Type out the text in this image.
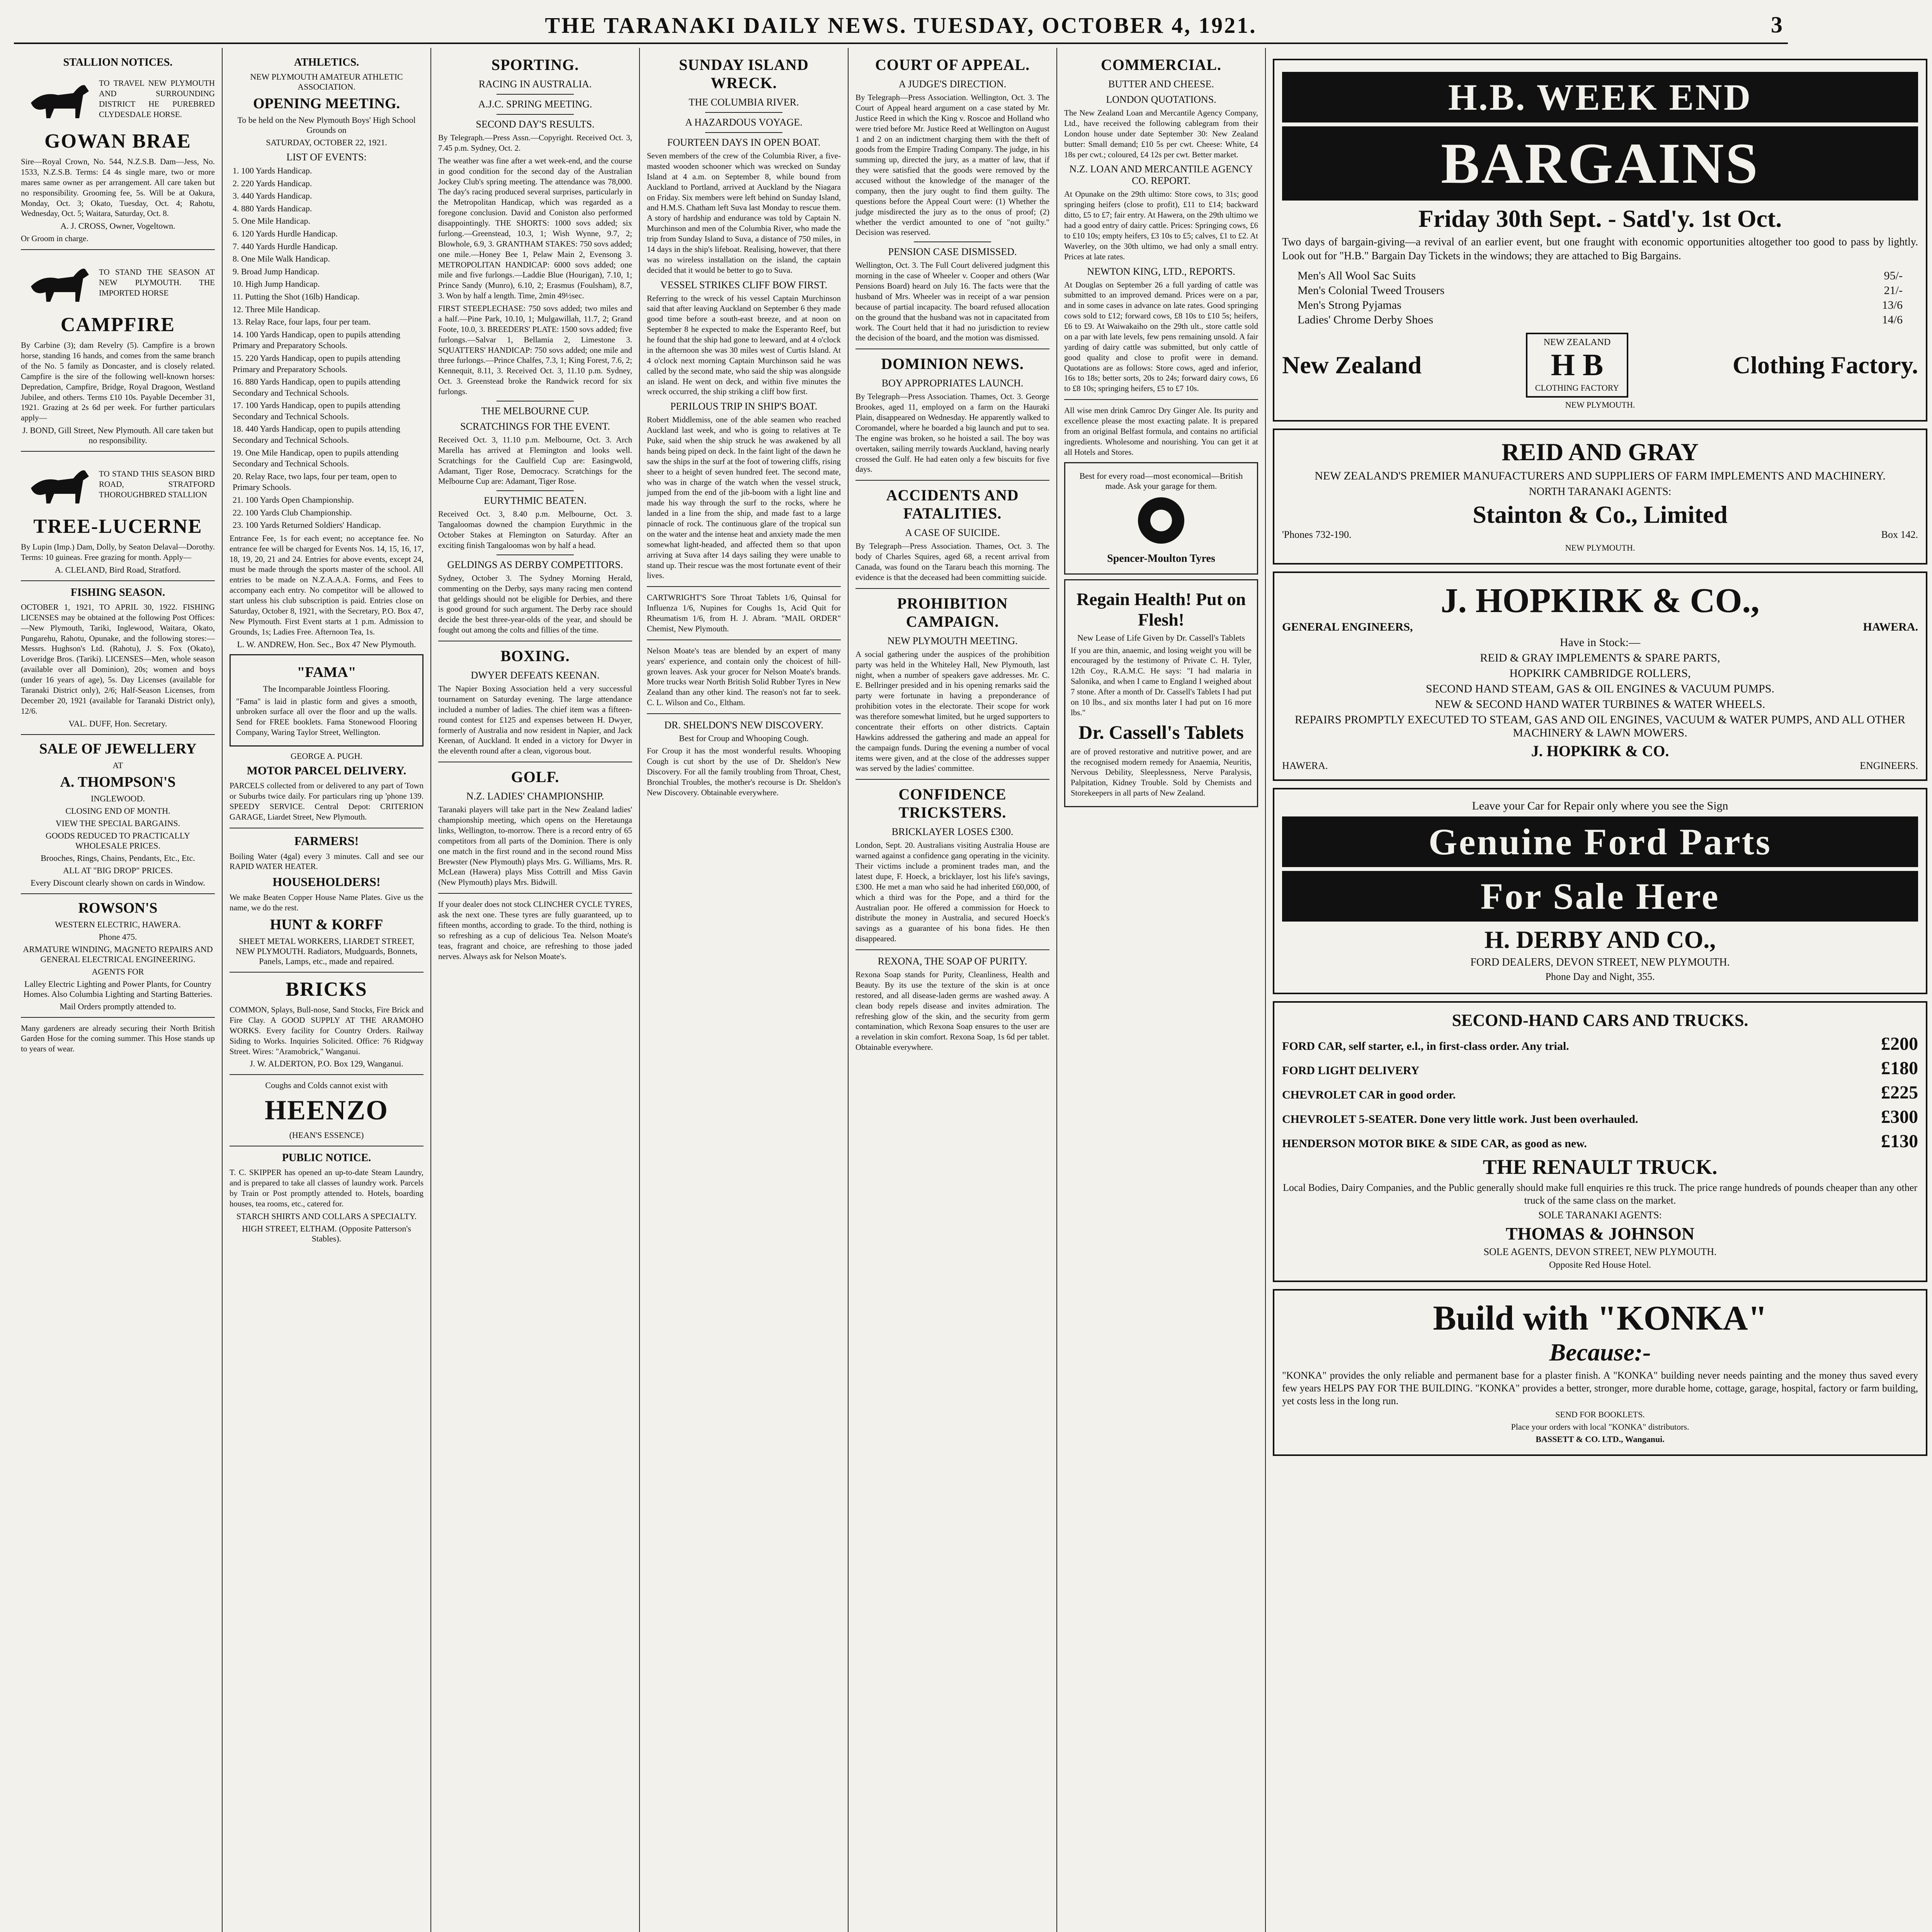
THE TARANAKI DAILY NEWS. TUESDAY, OCTOBER 4, 1921.	3
STALLION NOTICES.
TO TRAVEL NEW PLYMOUTH AND SURROUNDING DISTRICT HE PUREBRED CLYDESDALE HORSE.
GOWAN BRAE
Sire—Royal Crown, No. 544, N.Z.S.B. Dam—Jess, No. 1533, N.Z.S.B. Terms: £4 4s single mare, two or more mares same owner as per arrangement. All care taken but no responsibility. Grooming fee, 5s. Will be at Oakura, Monday, Oct. 3; Okato, Tuesday, Oct. 4; Rahotu, Wednesday, Oct. 5; Waitara, Saturday, Oct. 8.
A. J. CROSS, Owner, Vogeltown.
Or Groom in charge.
TO STAND THE SEASON AT NEW PLYMOUTH. THE IMPORTED HORSE
CAMPFIRE
By Carbine (3); dam Revelry (5). Campfire is a brown horse, standing 16 hands, and comes from the same branch of the No. 5 family as Doncaster, and is closely related. Campfire is the sire of the following well-known horses: Depredation, Campfire, Bridge, Royal Dragoon, Westland Jubilee, and others. Terms £10 10s. Payable December 31, 1921. Grazing at 2s 6d per week. For further particulars apply—
J. BOND, Gill Street, New Plymouth. All care taken but no responsibility.
TO STAND THIS SEASON BIRD ROAD, STRATFORD THOROUGHBRED STALLION
TREE-LUCERNE
By Lupin (Imp.) Dam, Dolly, by Seaton Delaval—Dorothy. Terms: 10 guineas. Free grazing for month. Apply—
A. CLELAND, Bird Road, Stratford.
FISHING SEASON.
OCTOBER 1, 1921, TO APRIL 30, 1922. FISHING LICENSES may be obtained at the following Post Offices:—New Plymouth, Tariki, Inglewood, Waitara, Okato, Pungarehu, Rahotu, Opunake, and the following stores:—Messrs. Hughson's Ltd. (Rahotu), J. S. Fox (Okato), Loveridge Bros. (Tariki). LICENSES—Men, whole season (available over all Dominion), 20s; women and boys (under 16 years of age), 5s. Day Licenses (available for Taranaki District only), 2/6; Half-Season Licenses, from December 20, 1921 (available for Taranaki District only), 12/6.
VAL. DUFF, Hon. Secretary.
SALE OF JEWELLERY
AT
A. THOMPSON'S
INGLEWOOD.
CLOSING END OF MONTH.
VIEW THE SPECIAL BARGAINS.
GOODS REDUCED TO PRACTICALLY WHOLESALE PRICES.
Brooches, Rings, Chains, Pendants, Etc., Etc.
ALL AT "BIG DROP" PRICES.
Every Discount clearly shown on cards in Window.
ROWSON'S
WESTERN ELECTRIC, HAWERA.
Phone 475.
ARMATURE WINDING, MAGNETO REPAIRS AND GENERAL ELECTRICAL ENGINEERING.
AGENTS FOR
Lalley Electric Lighting and Power Plants, for Country Homes. Also Columbia Lighting and Starting Batteries.
Mail Orders promptly attended to.
Many gardeners are already securing their North British Garden Hose for the coming summer. This Hose stands up to years of wear.
ATHLETICS.
NEW PLYMOUTH AMATEUR ATHLETIC ASSOCIATION.
OPENING MEETING.
To be held on the New Plymouth Boys' High School Grounds on
SATURDAY, OCTOBER 22, 1921.
LIST OF EVENTS:
1. 100 Yards Handicap.
2. 220 Yards Handicap.
3. 440 Yards Handicap.
4. 880 Yards Handicap.
5. One Mile Handicap.
6. 120 Yards Hurdle Handicap.
7. 440 Yards Hurdle Handicap.
8. One Mile Walk Handicap.
9. Broad Jump Handicap.
10. High Jump Handicap.
11. Putting the Shot (16lb) Handicap.
12. Three Mile Handicap.
13. Relay Race, four laps, four per team.
14. 100 Yards Handicap, open to pupils attending Primary and Preparatory Schools.
15. 220 Yards Handicap, open to pupils attending Primary and Preparatory Schools.
16. 880 Yards Handicap, open to pupils attending Secondary and Technical Schools.
17. 100 Yards Handicap, open to pupils attending Secondary and Technical Schools.
18. 440 Yards Handicap, open to pupils attending Secondary and Technical Schools.
19. One Mile Handicap, open to pupils attending Secondary and Technical Schools.
20. Relay Race, two laps, four per team, open to Primary Schools.
21. 100 Yards Open Championship.
22. 100 Yards Club Championship.
23. 100 Yards Returned Soldiers' Handicap.
Entrance Fee, 1s for each event; no acceptance fee. No entrance fee will be charged for Events Nos. 14, 15, 16, 17, 18, 19, 20, 21 and 24. Entries for above events, except 24, must be made through the sports master of the school. All entries to be made on N.Z.A.A.A. Forms, and Fees to accompany each entry. No competitor will be allowed to start unless his club subscription is paid. Entries close on Saturday, October 8, 1921, with the Secretary, P.O. Box 47, New Plymouth. First Event starts at 1 p.m. Admission to Grounds, 1s; Ladies Free. Afternoon Tea, 1s.
L. W. ANDREW, Hon. Sec., Box 47 New Plymouth.
"FAMA"
The Incomparable Jointless Flooring.
"Fama" is laid in plastic form and gives a smooth, unbroken surface all over the floor and up the walls. Send for FREE booklets. Fama Stonewood Flooring Company, Waring Taylor Street, Wellington.
GEORGE A. PUGH.
MOTOR PARCEL DELIVERY.
PARCELS collected from or delivered to any part of Town or Suburbs twice daily. For particulars ring up 'phone 139. SPEEDY SERVICE. Central Depot: CRITERION GARAGE, Liardet Street, New Plymouth.
FARMERS!
Boiling Water (4gal) every 3 minutes. Call and see our RAPID WATER HEATER.
HOUSEHOLDERS!
We make Beaten Copper House Name Plates. Give us the name, we do the rest.
HUNT & KORFF
SHEET METAL WORKERS, LIARDET STREET, NEW PLYMOUTH. Radiators, Mudguards, Bonnets, Panels, Lamps, etc., made and repaired.
BRICKS
COMMON, Splays, Bull-nose, Sand Stocks, Fire Brick and Fire Clay. A GOOD SUPPLY AT THE ARAMOHO WORKS. Every facility for Country Orders. Railway Siding to Works. Inquiries Solicited. Office: 76 Ridgway Street. Wires: "Aramobrick," Wanganui.
J. W. ALDERTON, P.O. Box 129, Wanganui.
Coughs and Colds cannot exist with
HEENZO
(HEAN'S ESSENCE)
PUBLIC NOTICE.
T. C. SKIPPER has opened an up-to-date Steam Laundry, and is prepared to take all classes of laundry work. Parcels by Train or Post promptly attended to. Hotels, boarding houses, tea rooms, etc., catered for.
STARCH SHIRTS AND COLLARS A SPECIALTY.
HIGH STREET, ELTHAM. (Opposite Patterson's Stables).
SPORTING.
RACING IN AUSTRALIA.
A.J.C. SPRING MEETING.
SECOND DAY'S RESULTS.
By Telegraph.—Press Assn.—Copyright. Received Oct. 3, 7.45 p.m. Sydney, Oct. 2.
The weather was fine after a wet week-end, and the course in good condition for the second day of the Australian Jockey Club's spring meeting. The attendance was 78,000. The day's racing produced several surprises, particularly in the Metropolitan Handicap, which was regarded as a foregone conclusion. David and Coniston also performed disappointingly. THE SHORTS: 1000 sovs added; six furlong.—Greenstead, 10.3, 1; Wish Wynne, 9.7, 2; Blowhole, 6.9, 3. GRANTHAM STAKES: 750 sovs added; one mile.—Honey Bee 1, Pelaw Main 2, Evensong 3. METROPOLITAN HANDICAP: 6000 sovs added; one mile and five furlongs.—Laddie Blue (Hourigan), 7.10, 1; Prince Sandy (Munro), 6.10, 2; Erasmus (Foulsham), 8.7, 3. Won by half a length. Time, 2min 49½sec.
FIRST STEEPLECHASE: 750 sovs added; two miles and a half.—Pine Park, 10.10, 1; Mulgawillah, 11.7, 2; Grand Foote, 10.0, 3. BREEDERS' PLATE: 1500 sovs added; five furlongs.—Salvar 1, Bellamia 2, Limestone 3. SQUATTERS' HANDICAP: 750 sovs added; one mile and three furlongs.—Prince Chalfes, 7.3, 1; King Forest, 7.6, 2; Kennequit, 8.11, 3. Received Oct. 3, 11.10 p.m. Sydney, Oct. 3. Greenstead broke the Randwick record for six furlongs.
THE MELBOURNE CUP.
SCRATCHINGS FOR THE EVENT.
Received Oct. 3, 11.10 p.m. Melbourne, Oct. 3. Arch Marella has arrived at Flemington and looks well. Scratchings for the Caulfield Cup are: Easingwold, Adamant, Tiger Rose, Democracy. Scratchings for the Melbourne Cup are: Adamant, Tiger Rose.
EURYTHMIC BEATEN.
Received Oct. 3, 8.40 p.m. Melbourne, Oct. 3. Tangaloomas downed the champion Eurythmic in the October Stakes at Flemington on Saturday. After an exciting finish Tangaloomas won by half a head.
GELDINGS AS DERBY COMPETITORS.
Sydney, October 3. The Sydney Morning Herald, commenting on the Derby, says many racing men contend that geldings should not be eligible for Derbies, and there is good ground for such argument. The Derby race should decide the best three-year-olds of the year, and should be fought out among the colts and fillies of the time.
BOXING.
DWYER DEFEATS KEENAN.
The Napier Boxing Association held a very successful tournament on Saturday evening. The large attendance included a number of ladies. The chief item was a fifteen-round contest for £125 and expenses between H. Dwyer, formerly of Australia and now resident in Napier, and Jack Keenan, of Auckland. It ended in a victory for Dwyer in the eleventh round after a clean, vigorous bout.
GOLF.
N.Z. LADIES' CHAMPIONSHIP.
Taranaki players will take part in the New Zealand ladies' championship meeting, which opens on the Heretaunga links, Wellington, to-morrow. There is a record entry of 65 competitors from all parts of the Dominion. There is only one match in the first round and in the second round Miss Brewster (New Plymouth) plays Mrs. G. Williams, Mrs. R. McLean (Hawera) plays Miss Cottrill and Miss Gavin (New Plymouth) plays Mrs. Bidwill.
If your dealer does not stock CLINCHER CYCLE TYRES, ask the next one. These tyres are fully guaranteed, up to fifteen months, according to grade. To the third, nothing is so refreshing as a cup of delicious Tea. Nelson Moate's teas, fragrant and choice, are refreshing to those jaded nerves. Always ask for Nelson Moate's.
SUNDAY ISLAND WRECK.
THE COLUMBIA RIVER.
A HAZARDOUS VOYAGE.
FOURTEEN DAYS IN OPEN BOAT.
Seven members of the crew of the Columbia River, a five-masted wooden schooner which was wrecked on Sunday Island at 4 a.m. on September 8, while bound from Auckland to Portland, arrived at Auckland by the Niagara on Friday. Six members were left behind on Sunday Island, and H.M.S. Chatham left Suva last Monday to rescue them. A story of hardship and endurance was told by Captain N. Murchinson and men of the Columbia River, who made the trip from Sunday Island to Suva, a distance of 750 miles, in 14 days in the ship's lifeboat. Realising, however, that there was no wireless installation on the island, the captain decided that it would be better to go to Suva.
VESSEL STRIKES CLIFF BOW FIRST.
Referring to the wreck of his vessel Captain Murchinson said that after leaving Auckland on September 6 they made good time before a south-east breeze, and at noon on September 8 he expected to make the Esperanto Reef, but he found that the ship had gone to leeward, and at 4 o'clock in the afternoon she was 30 miles west of Curtis Island. At 4 o'clock next morning Captain Murchinson said he was called by the second mate, who said the ship was alongside an island. He went on deck, and within five minutes the wreck occurred, the ship striking a cliff bow first.
PERILOUS TRIP IN SHIP'S BOAT.
Robert Middlemiss, one of the able seamen who reached Auckland last week, and who is going to relatives at Te Puke, said when the ship struck he was awakened by all hands being piped on deck. In the faint light of the dawn he saw the ships in the surf at the foot of towering cliffs, rising sheer to a height of seven hundred feet. The second mate, who was in charge of the watch when the vessel struck, jumped from the end of the jib-boom with a light line and made his way through the surf to the rocks, where he landed in a line from the ship, and made fast to a large pinnacle of rock. The continuous glare of the tropical sun on the water and the intense heat and anxiety made the men somewhat light-headed, and affected them so that upon arriving at Suva after 14 days sailing they were unable to stand up. Their rescue was the most fortunate event of their lives.
CARTWRIGHT'S Sore Throat Tablets 1/6, Quinsal for Influenza 1/6, Nupines for Coughs 1s, Acid Quit for Rheumatism 1/6, from H. J. Abram. "MAIL ORDER" Chemist, New Plymouth.
Nelson Moate's teas are blended by an expert of many years' experience, and contain only the choicest of hill-grown leaves. Ask your grocer for Nelson Moate's brands. More trucks wear North British Solid Rubber Tyres in New Zealand than any other kind. The reason's not far to seek. C. L. Wilson and Co., Eltham.
DR. SHELDON'S NEW DISCOVERY.
Best for Croup and Whooping Cough.
For Croup it has the most wonderful results. Whooping Cough is cut short by the use of Dr. Sheldon's New Discovery. For all the family troubling from Throat, Chest, Bronchial Troubles, the mother's recourse is Dr. Sheldon's New Discovery. Obtainable everywhere.
COURT OF APPEAL.
A JUDGE'S DIRECTION.
By Telegraph—Press Association. Wellington, Oct. 3. The Court of Appeal heard argument on a case stated by Mr. Justice Reed in which the King v. Roscoe and Holland who were tried before Mr. Justice Reed at Wellington on August 1 and 2 on an indictment charging them with the theft of goods from the Empire Trading Company. The judge, in his summing up, directed the jury, as a matter of law, that if they were satisfied that the goods were removed by the accused without the knowledge of the manager of the company, then the jury ought to find them guilty. The questions before the Appeal Court were: (1) Whether the judge misdirected the jury as to the onus of proof; (2) whether the verdict amounted to one of "not guilty." Decision was reserved.
PENSION CASE DISMISSED.
Wellington, Oct. 3. The Full Court delivered judgment this morning in the case of Wheeler v. Cooper and others (War Pensions Board) heard on July 16. The facts were that the husband of Mrs. Wheeler was in receipt of a war pension because of partial incapacity. The board refused allocation on the ground that the husband was not in capacitated from work. The Court held that it had no jurisdiction to review the decision of the board, and the motion was dismissed.
DOMINION NEWS.
BOY APPROPRIATES LAUNCH.
By Telegraph—Press Association. Thames, Oct. 3. George Brookes, aged 11, employed on a farm on the Hauraki Plain, disappeared on Wednesday. He apparently walked to Coromandel, where he boarded a big launch and put to sea. The engine was broken, so he hoisted a sail. The boy was overtaken, sailing merrily towards Auckland, having nearly crossed the Gulf. He had eaten only a few biscuits for five days.
ACCIDENTS AND FATALITIES.
A CASE OF SUICIDE.
By Telegraph—Press Association. Thames, Oct. 3. The body of Charles Squires, aged 68, a recent arrival from Canada, was found on the Tararu beach this morning. The evidence is that the deceased had been committing suicide.
PROHIBITION CAMPAIGN.
NEW PLYMOUTH MEETING.
A social gathering under the auspices of the prohibition party was held in the Whiteley Hall, New Plymouth, last night, when a number of speakers gave addresses. Mr. C. E. Bellringer presided and in his opening remarks said the party were fortunate in having a preponderance of prohibition votes in the electorate. Their scope for work was therefore somewhat limited, but he urged supporters to concentrate their efforts on other districts. Captain Hawkins addressed the gathering and made an appeal for the campaign funds. During the evening a number of vocal items were given, and at the close of the addresses supper was served by the ladies' committee.
CONFIDENCE TRICKSTERS.
BRICKLAYER LOSES £300.
London, Sept. 20. Australians visiting Australia House are warned against a confidence gang operating in the vicinity. Their victims include a prominent trades man, and the latest dupe, F. Hoeck, a bricklayer, lost his life's savings, £300. He met a man who said he had inherited £60,000, of which a third was for the Pope, and a third for the Australian poor. He offered a commission for Hoeck to distribute the money in Australia, and secured Hoeck's savings as a guarantee of his bona fides. He then disappeared.
REXONA, THE SOAP OF PURITY.
Rexona Soap stands for Purity, Cleanliness, Health and Beauty. By its use the texture of the skin is at once restored, and all disease-laden germs are washed away. A clean body repels disease and invites admiration. The refreshing glow of the skin, and the security from germ contamination, which Rexona Soap ensures to the user are a revelation in skin comfort. Rexona Soap, 1s 6d per tablet. Obtainable everywhere.
COMMERCIAL.
BUTTER AND CHEESE.
LONDON QUOTATIONS.
The New Zealand Loan and Mercantile Agency Company, Ltd., have received the following cablegram from their London house under date September 30: New Zealand butter: Small demand; £10 5s per cwt. Cheese: White, £4 18s per cwt.; coloured, £4 12s per cwt. Better market.
N.Z. LOAN AND MERCANTILE AGENCY CO. REPORT.
At Opunake on the 29th ultimo: Store cows, to 31s; good springing heifers (close to profit), £11 to £14; backward ditto, £5 to £7; fair entry. At Hawera, on the 29th ultimo we had a good entry of dairy cattle. Prices: Springing cows, £6 to £10 10s; empty heifers, £3 10s to £5; calves, £1 to £2. At Waverley, on the 30th ultimo, we had only a small entry. Prices at late rates.
NEWTON KING, LTD., REPORTS.
At Douglas on September 26 a full yarding of cattle was submitted to an improved demand. Prices were on a par, and in some cases in advance on late rates. Good springing cows sold to £12; forward cows, £8 10s to £10 5s; heifers, £6 to £9. At Waiwakaiho on the 29th ult., store cattle sold on a par with late levels, few pens remaining unsold. A fair yarding of dairy cattle was submitted, but only cattle of good quality and close to profit were in demand. Quotations are as follows: Store cows, aged and inferior, 16s to 18s; better sorts, 20s to 24s; forward dairy cows, £6 to £8 10s; springing heifers, £5 to £7 10s.
All wise men drink Camroc Dry Ginger Ale. Its purity and excellence please the most exacting palate. It is prepared from an original Belfast formula, and contains no artificial ingredients. Wholesome and nourishing. You can get it at all Hotels and Stores.
Best for every road—most economical—British made. Ask your garage for them.
Spencer-Moulton Tyres
Regain Health! Put on Flesh!
New Lease of Life Given by Dr. Cassell's Tablets
If you are thin, anaemic, and losing weight you will be encouraged by the testimony of Private C. H. Tyler, 12th Coy., R.A.M.C. He says: "I had malaria in Salonika, and when I came to England I weighed about 7 stone. After a month of Dr. Cassell's Tablets I had put on 10 lbs., and six months later I had put on 16 more lbs."
Dr. Cassell's Tablets
are of proved restorative and nutritive power, and are the recognised modern remedy for Anaemia, Neuritis, Nervous Debility, Sleeplessness, Nerve Paralysis, Palpitation, Kidney Trouble. Sold by Chemists and Storekeepers in all parts of New Zealand.
H.B. WEEK END
BARGAINS
Friday 30th Sept. - Satd'y. 1st Oct.
Two days of bargain-giving—a revival of an earlier event, but one fraught with economic opportunities altogether too good to pass by lightly. Look out for "H.B." Bargain Day Tickets in the windows; they are attached to Big Bargains.
Men's All Wool Sac Suits	95/-
Men's Colonial Tweed Trousers	21/-
Men's Strong Pyjamas	13/6
Ladies' Chrome Derby Shoes	14/6
New Zealand
NEW ZEALAND
H B
CLOTHING FACTORY
Clothing Factory.
NEW PLYMOUTH.
REID AND GRAY
NEW ZEALAND'S PREMIER MANUFACTURERS AND SUPPLIERS OF FARM IMPLEMENTS AND MACHINERY.
NORTH TARANAKI AGENTS:
Stainton & Co., Limited
'Phones 732-190.	Box 142.
NEW PLYMOUTH.
J. HOPKIRK & CO.,
GENERAL ENGINEERS,	HAWERA.
Have in Stock:—
REID & GRAY IMPLEMENTS & SPARE PARTS,
HOPKIRK CAMBRIDGE ROLLERS,
SECOND HAND STEAM, GAS & OIL ENGINES & VACUUM PUMPS.
NEW & SECOND HAND WATER TURBINES & WATER WHEELS.
REPAIRS PROMPTLY EXECUTED TO STEAM, GAS AND OIL ENGINES, VACUUM & WATER PUMPS, AND ALL OTHER MACHINERY & LAWN MOWERS.
J. HOPKIRK & CO.
HAWERA.	ENGINEERS.
Leave your Car for Repair only where you see the Sign
Genuine Ford Parts
For Sale Here
H. DERBY AND CO.,
FORD DEALERS, DEVON STREET, NEW PLYMOUTH.
Phone Day and Night, 355.
SECOND-HAND CARS AND TRUCKS.
FORD CAR, self starter, e.l., in first-class order. Any trial.	£200
FORD LIGHT DELIVERY	£180
CHEVROLET CAR in good order.	£225
CHEVROLET 5-SEATER. Done very little work. Just been overhauled.	£300
HENDERSON MOTOR BIKE & SIDE CAR, as good as new.	£130
THE RENAULT TRUCK.
Local Bodies, Dairy Companies, and the Public generally should make full enquiries re this truck. The price range hundreds of pounds cheaper than any other truck of the same class on the market.
SOLE TARANAKI AGENTS:
THOMAS & JOHNSON
SOLE AGENTS, DEVON STREET, NEW PLYMOUTH.
Opposite Red House Hotel.
Build with "KONKA"
Because:-
"KONKA" provides the only reliable and permanent base for a plaster finish. A "KONKA" building never needs painting and the money thus saved every few years HELPS PAY FOR THE BUILDING. "KONKA" provides a better, stronger, more durable home, cottage, garage, hospital, factory or farm building, yet costs less in the long run.
SEND FOR BOOKLETS.
Place your orders with local "KONKA" distributors.
BASSETT & CO. LTD., Wanganui.
